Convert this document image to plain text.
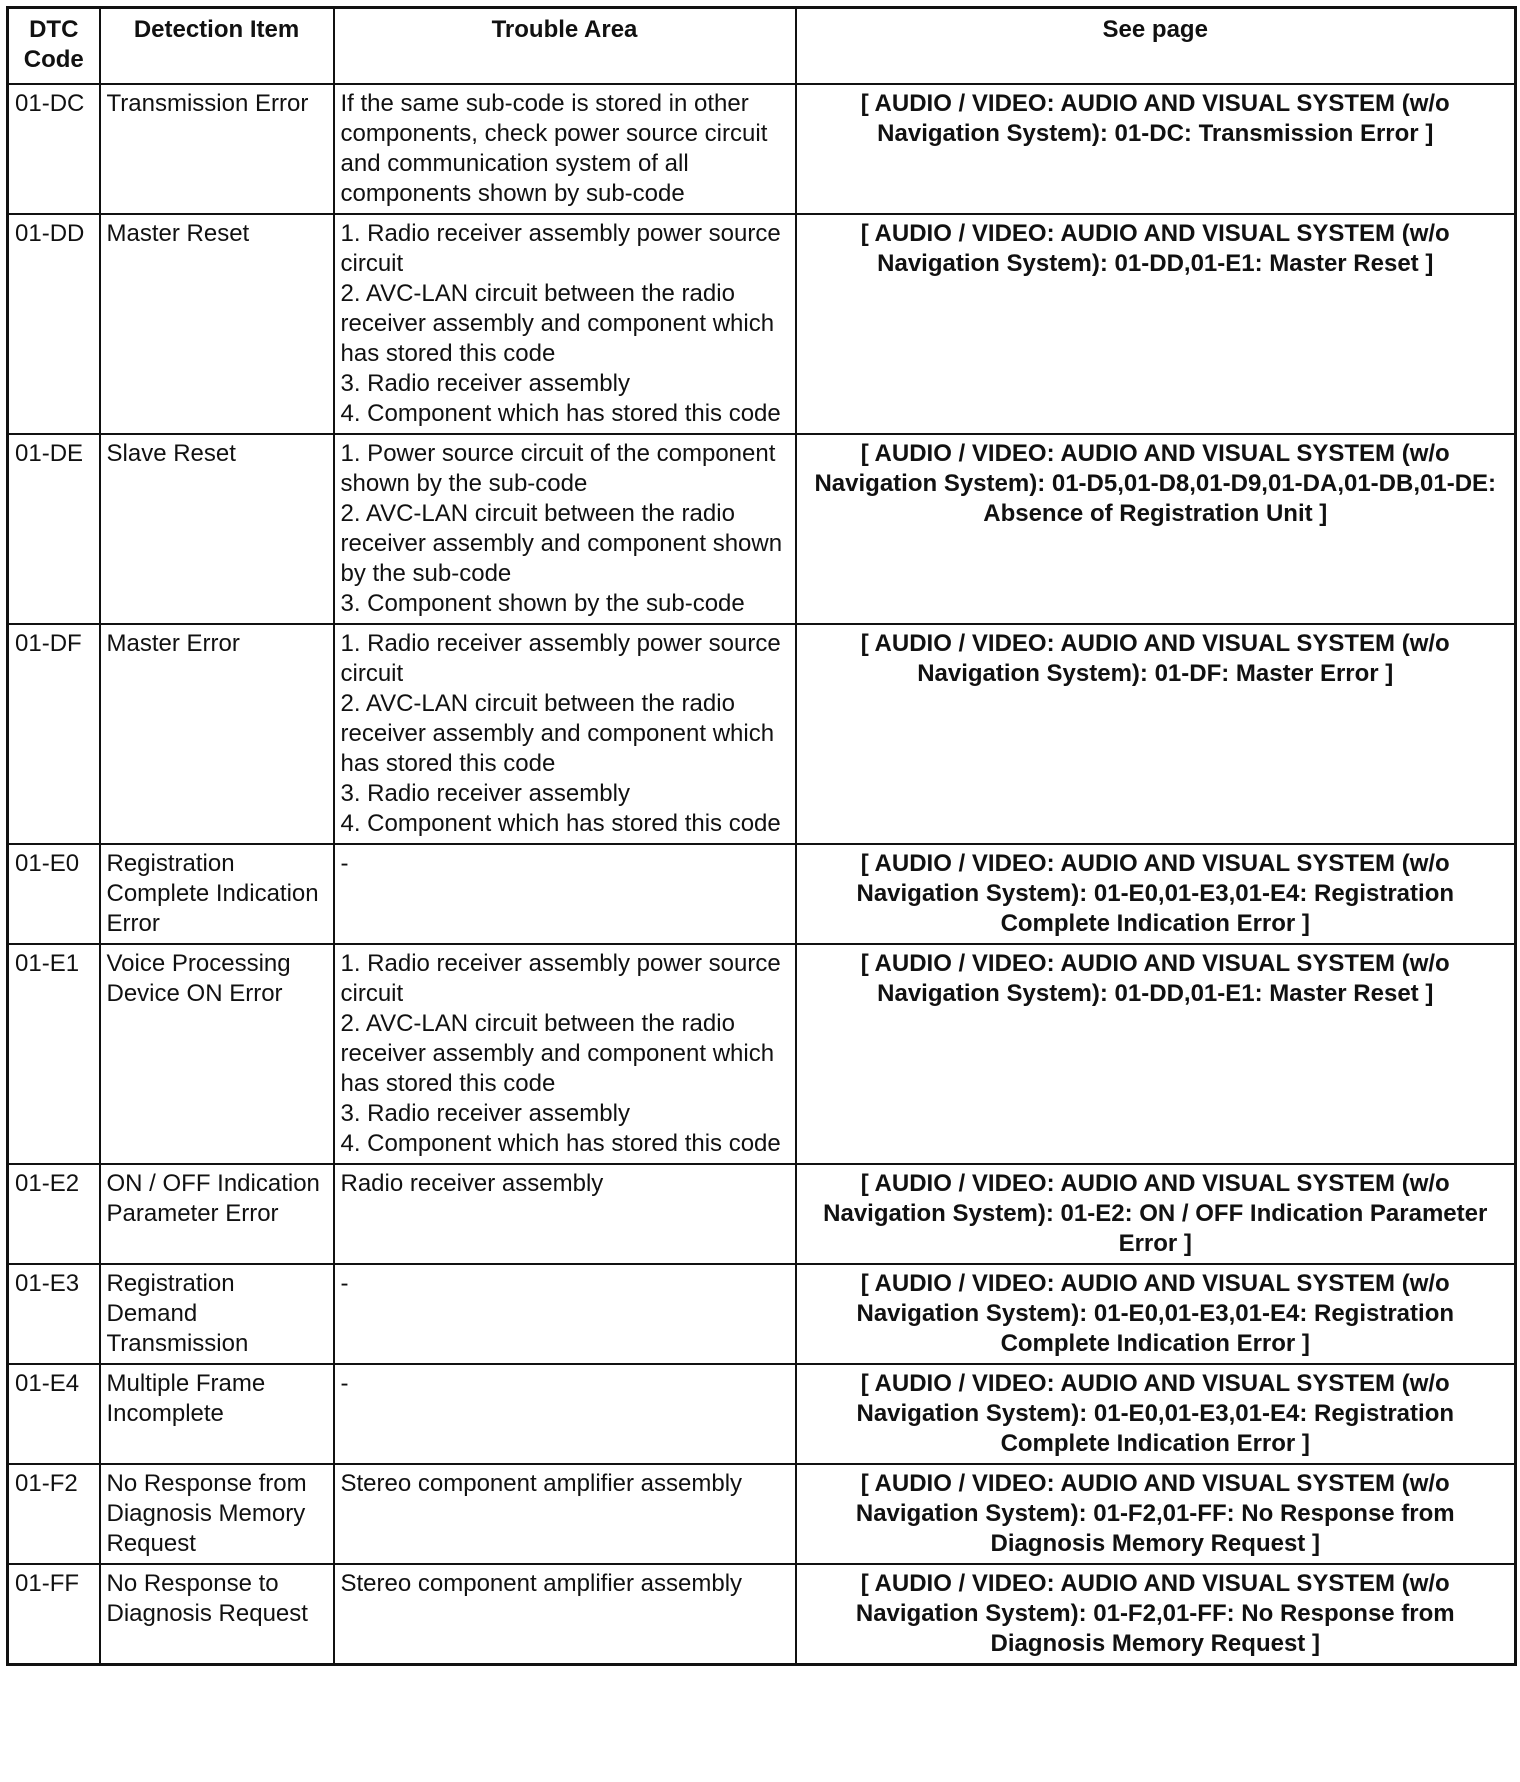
DTC Code	Detection Item	Trouble Area	See page
01-DC	Transmission Error	If the same sub-code is stored in other components, check power source circuit and communication system of all components shown by sub-code	[ AUDIO / VIDEO: AUDIO AND VISUAL SYSTEM (w/o Navigation System): 01-DC: Transmission Error ]
01-DD	Master Reset	1. Radio receiver assembly power source circuit
2. AVC-LAN circuit between the radio receiver assembly and component which has stored this code
3. Radio receiver assembly
4. Component which has stored this code	[ AUDIO / VIDEO: AUDIO AND VISUAL SYSTEM (w/o Navigation System): 01-DD,01-E1: Master Reset ]
01-DE	Slave Reset	1. Power source circuit of the component shown by the sub-code
2. AVC-LAN circuit between the radio receiver assembly and component shown by the sub-code
3. Component shown by the sub-code	[ AUDIO / VIDEO: AUDIO AND VISUAL SYSTEM (w/o Navigation System): 01-D5,01-D8,01-D9,01-DA,01-DB,01-DE: Absence of Registration Unit ]
01-DF	Master Error	1. Radio receiver assembly power source circuit
2. AVC-LAN circuit between the radio receiver assembly and component which has stored this code
3. Radio receiver assembly
4. Component which has stored this code	[ AUDIO / VIDEO: AUDIO AND VISUAL SYSTEM (w/o Navigation System): 01-DF: Master Error ]
01-E0	Registration Complete Indication Error	-	[ AUDIO / VIDEO: AUDIO AND VISUAL SYSTEM (w/o Navigation System): 01-E0,01-E3,01-E4: Registration Complete Indication Error ]
01-E1	Voice Processing Device ON Error	1. Radio receiver assembly power source circuit
2. AVC-LAN circuit between the radio receiver assembly and component which has stored this code
3. Radio receiver assembly
4. Component which has stored this code	[ AUDIO / VIDEO: AUDIO AND VISUAL SYSTEM (w/o Navigation System): 01-DD,01-E1: Master Reset ]
01-E2	ON / OFF Indication Parameter Error	Radio receiver assembly	[ AUDIO / VIDEO: AUDIO AND VISUAL SYSTEM (w/o Navigation System): 01-E2: ON / OFF Indication Parameter Error ]
01-E3	Registration Demand Transmission	-	[ AUDIO / VIDEO: AUDIO AND VISUAL SYSTEM (w/o Navigation System): 01-E0,01-E3,01-E4: Registration Complete Indication Error ]
01-E4	Multiple Frame Incomplete	-	[ AUDIO / VIDEO: AUDIO AND VISUAL SYSTEM (w/o Navigation System): 01-E0,01-E3,01-E4: Registration Complete Indication Error ]
01-F2	No Response from Diagnosis Memory Request	Stereo component amplifier assembly	[ AUDIO / VIDEO: AUDIO AND VISUAL SYSTEM (w/o Navigation System): 01-F2,01-FF: No Response from Diagnosis Memory Request ]
01-FF	No Response to Diagnosis Request	Stereo component amplifier assembly	[ AUDIO / VIDEO: AUDIO AND VISUAL SYSTEM (w/o Navigation System): 01-F2,01-FF: No Response from Diagnosis Memory Request ]
